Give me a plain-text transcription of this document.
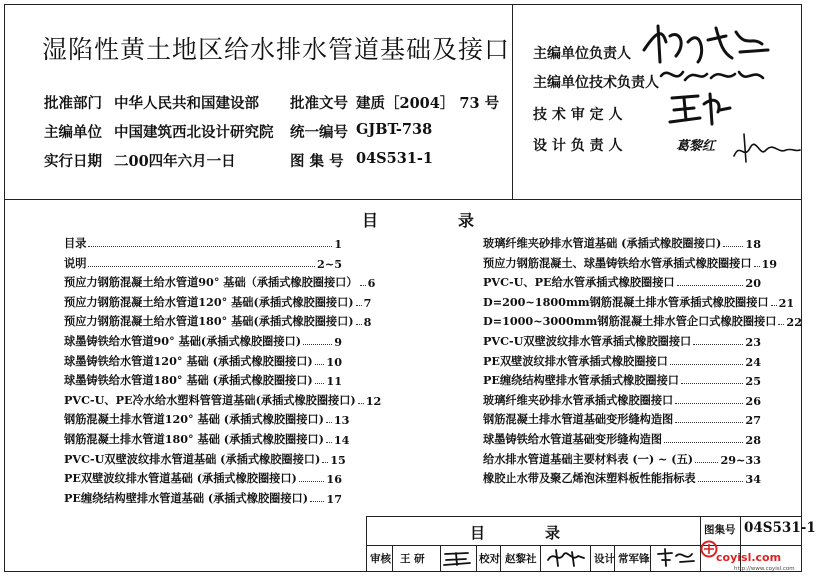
湿陷性黄土地区给水排水管道基础及接口
批准部门 中华人民共和国建设部 批准文号 建质［2004］ 73 号
主编单位 中国建筑西北设计研究院 统一编号 GJBT-738
实行日期 二00四年六月一日	图 集 号 04S531-1
主编单位负责人
主编单位技术负责人
技 术 审 定 人
设 计 负 责 人	葛黎红
目　　　　　录
目录	1
说明	2~5
预应力钢筋混凝土给水管道90° 基础（承插式橡胶圈接口） 6
预应力钢筋混凝土给水管道120° 基础(承插式橡胶圈接口) 7
预应力钢筋混凝土给水管道180° 基础(承插式橡胶圈接口) 8
球墨铸铁给水管道90° 基础(承插式橡胶圈接口)	9
球墨铸铁给水管道120° 基础 (承插式橡胶圈接口) 10
球墨铸铁给水管道180° 基础 (承插式橡胶圈接口) 11
PVC-U、PE冷水给水塑料管管道基础(承插式橡胶圈接口) 12
钢筋混凝土排水管道120° 基础 (承插式橡胶圈接口) 13
钢筋混凝土排水管道180° 基础 (承插式橡胶圈接口) 14
PVC-U双壁波纹排水管道基础 (承插式橡胶圈接口) 15
PE双壁波纹排水管道基础 (承插式橡胶圈接口)	16
PE缠绕结构壁排水管道基础 (承插式橡胶圈接口) 17
玻璃纤维夹砂排水管道基础 (承插式橡胶圈接口) 18
预应力钢筋混凝土、球墨铸铁给水管承插式橡胶圈接口 19
PVC-U、PE给水管承插式橡胶圈接口	20
D=200~1800mm钢筋混凝土排水管承插式橡胶圈接口 21
D=1000~3000mm钢筋混凝土排水管企口式橡胶圈接口 22
PVC-U双壁波纹排水管承插式橡胶圈接口	23
PE双壁波纹排水管承插式橡胶圈接口	24
PE缠绕结构壁排水管承插式橡胶圈接口	25
玻璃纤维夹砂排水管承插式橡胶圈接口	26
钢筋混凝土排水管道基础变形缝构造图	27
球墨铸铁给水管道基础变形缝构造图	28
给水排水管道基础主要材料表 (一) ~ (五) 29~33
橡胶止水带及聚乙烯泡沫塑料板性能指标表	34
目　　　　录	图集号 04S531-1
审核 王 研	校对 赵黎社	设计 常军锋	coyisl.com
http://www.coyisl.com
